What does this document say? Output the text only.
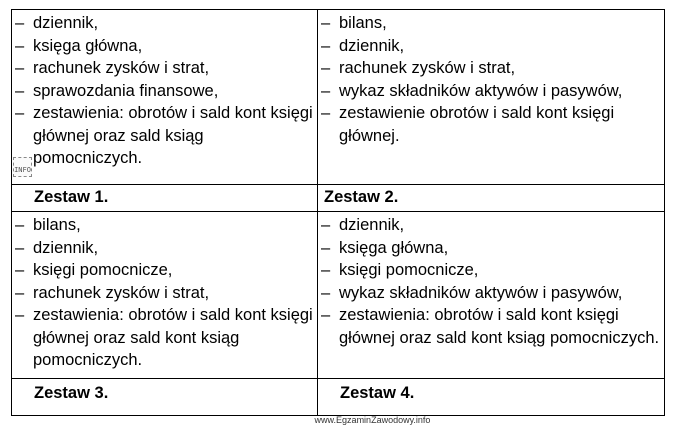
– dziennik,
– księga główna,
– rachunek zysków i strat,
– sprawozdania finansowe,
– zestawienia: obrotów i sald kont księgi głównej oraz sald ksiąg pomocniczych.
INFO
Zestaw 1.
– bilans,
– dziennik,
– rachunek zysków i strat,
– wykaz składników aktywów i pasywów,
– zestawienie obrotów i sald kont księgi głównej.
Zestaw 2.
– bilans,
– dziennik,
– księgi pomocnicze,
– rachunek zysków i strat,
– zestawienia: obrotów i sald kont księgi głównej oraz sald kont ksiąg pomocniczych.
Zestaw 3.
– dziennik,
– księga główna,
– księgi pomocnicze,
– wykaz składników aktywów i pasywów,
– zestawienia: obrotów i sald kont księgi głównej oraz sald kont ksiąg pomocniczych.
Zestaw 4.
www.EgzaminZawodowy.info
